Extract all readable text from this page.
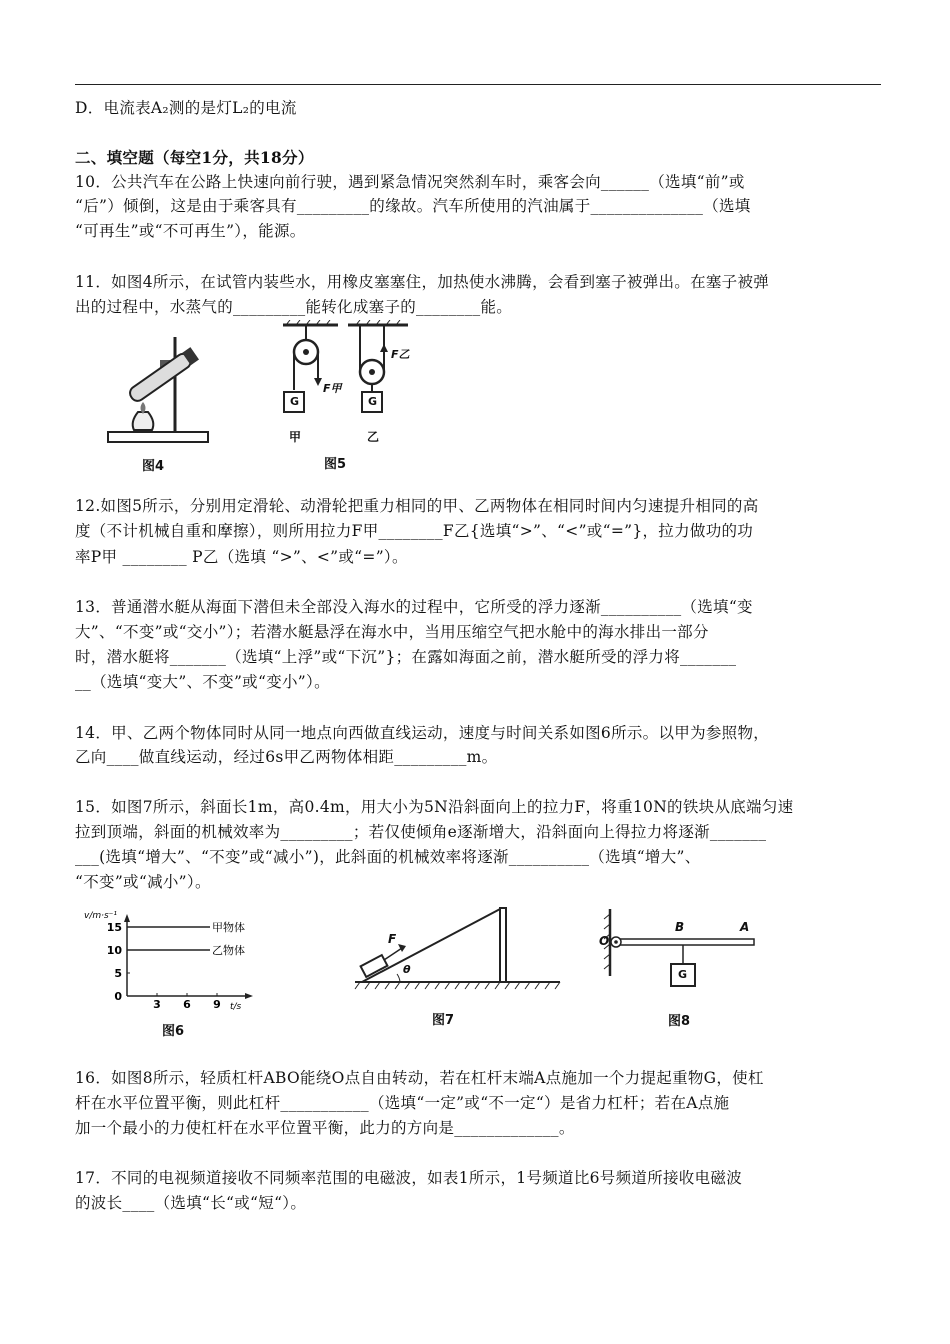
D．电流表A₂测的是灯L₂的电流
二、填空题（每空1分，共18分）
10．公共汽车在公路上快速向前行驶，遇到紧急情况突然刹车时，乘客会向______（选填“前”或
“后”）倾倒，这是由于乘客具有_________的缘故。汽车所使用的汽油属于______________（选填
“可再生”或“不可再生”），能源。
11．如图4所示，在试管内装些水，用橡皮塞塞住，加热使水沸腾，会看到塞子被弹出。在塞子被弹
出的过程中，水蒸气的_________能转化成塞子的________能。
图4
G	G
F甲
F乙
甲	乙
图5
12.如图5所示，分别用定滑轮、动滑轮把重力相同的甲、乙两物体在相同时间内匀速提升相同的高
度（不计机械自重和摩擦），则所用拉力F甲________F乙{选填“>”、“<”或“=”}，拉力做功的功
率P甲 ________ P乙（选填 “>”、<”或“=”）。
13．普通潜水艇从海面下潜但未全部没入海水的过程中，它所受的浮力逐渐__________（选填“变
大”、“不变”或“交小”）；若潜水艇悬浮在海水中，当用压缩空气把水舱中的海水排出一部分
时，潜水艇将_______（选填“上浮”或“下沉”}；在露如海面之前，潜水艇所受的浮力将_______
__（选填“变大”、不变”或“变小”）。
14．甲、乙两个物体同时从同一地点向西做直线运动，速度与时间关系如图6所示。以甲为参照物，
乙向____做直线运动，经过6s甲乙两物体相距_________m。
15．如图7所示，斜面长1m，高0.4m，用大小为5N沿斜面向上的拉力F，将重10N的铁块从底端匀速
拉到顶端，斜面的机械效率为_________；若仅使倾角e逐渐增大，沿斜面向上得拉力将逐渐_______
___(选填“增大”、“不变”或“减小”)，此斜面的机械效率将逐渐__________（选填“增大”、
“不变”或“减小”）。
v/m·s⁻¹
t/s
0
5
10
15
3 6 9
甲物体
乙物体
图6
F
θ
图7
O
B	A
G
图8
16．如图8所示，轻质杠杆ABO能绕O点自由转动，若在杠杆末端A点施加一个力提起重物G，使杠
杆在水平位置平衡，则此杠杆___________（选填“一定”或“不一定“）是省力杠杆；若在A点施
加一个最小的力使杠杆在水平位置平衡，此力的方向是_____________。
17．不同的电视频道接收不同频率范围的电磁波，如表1所示，1号频道比6号频道所接收电磁波
的波长____（选填“长“或“短“）。
